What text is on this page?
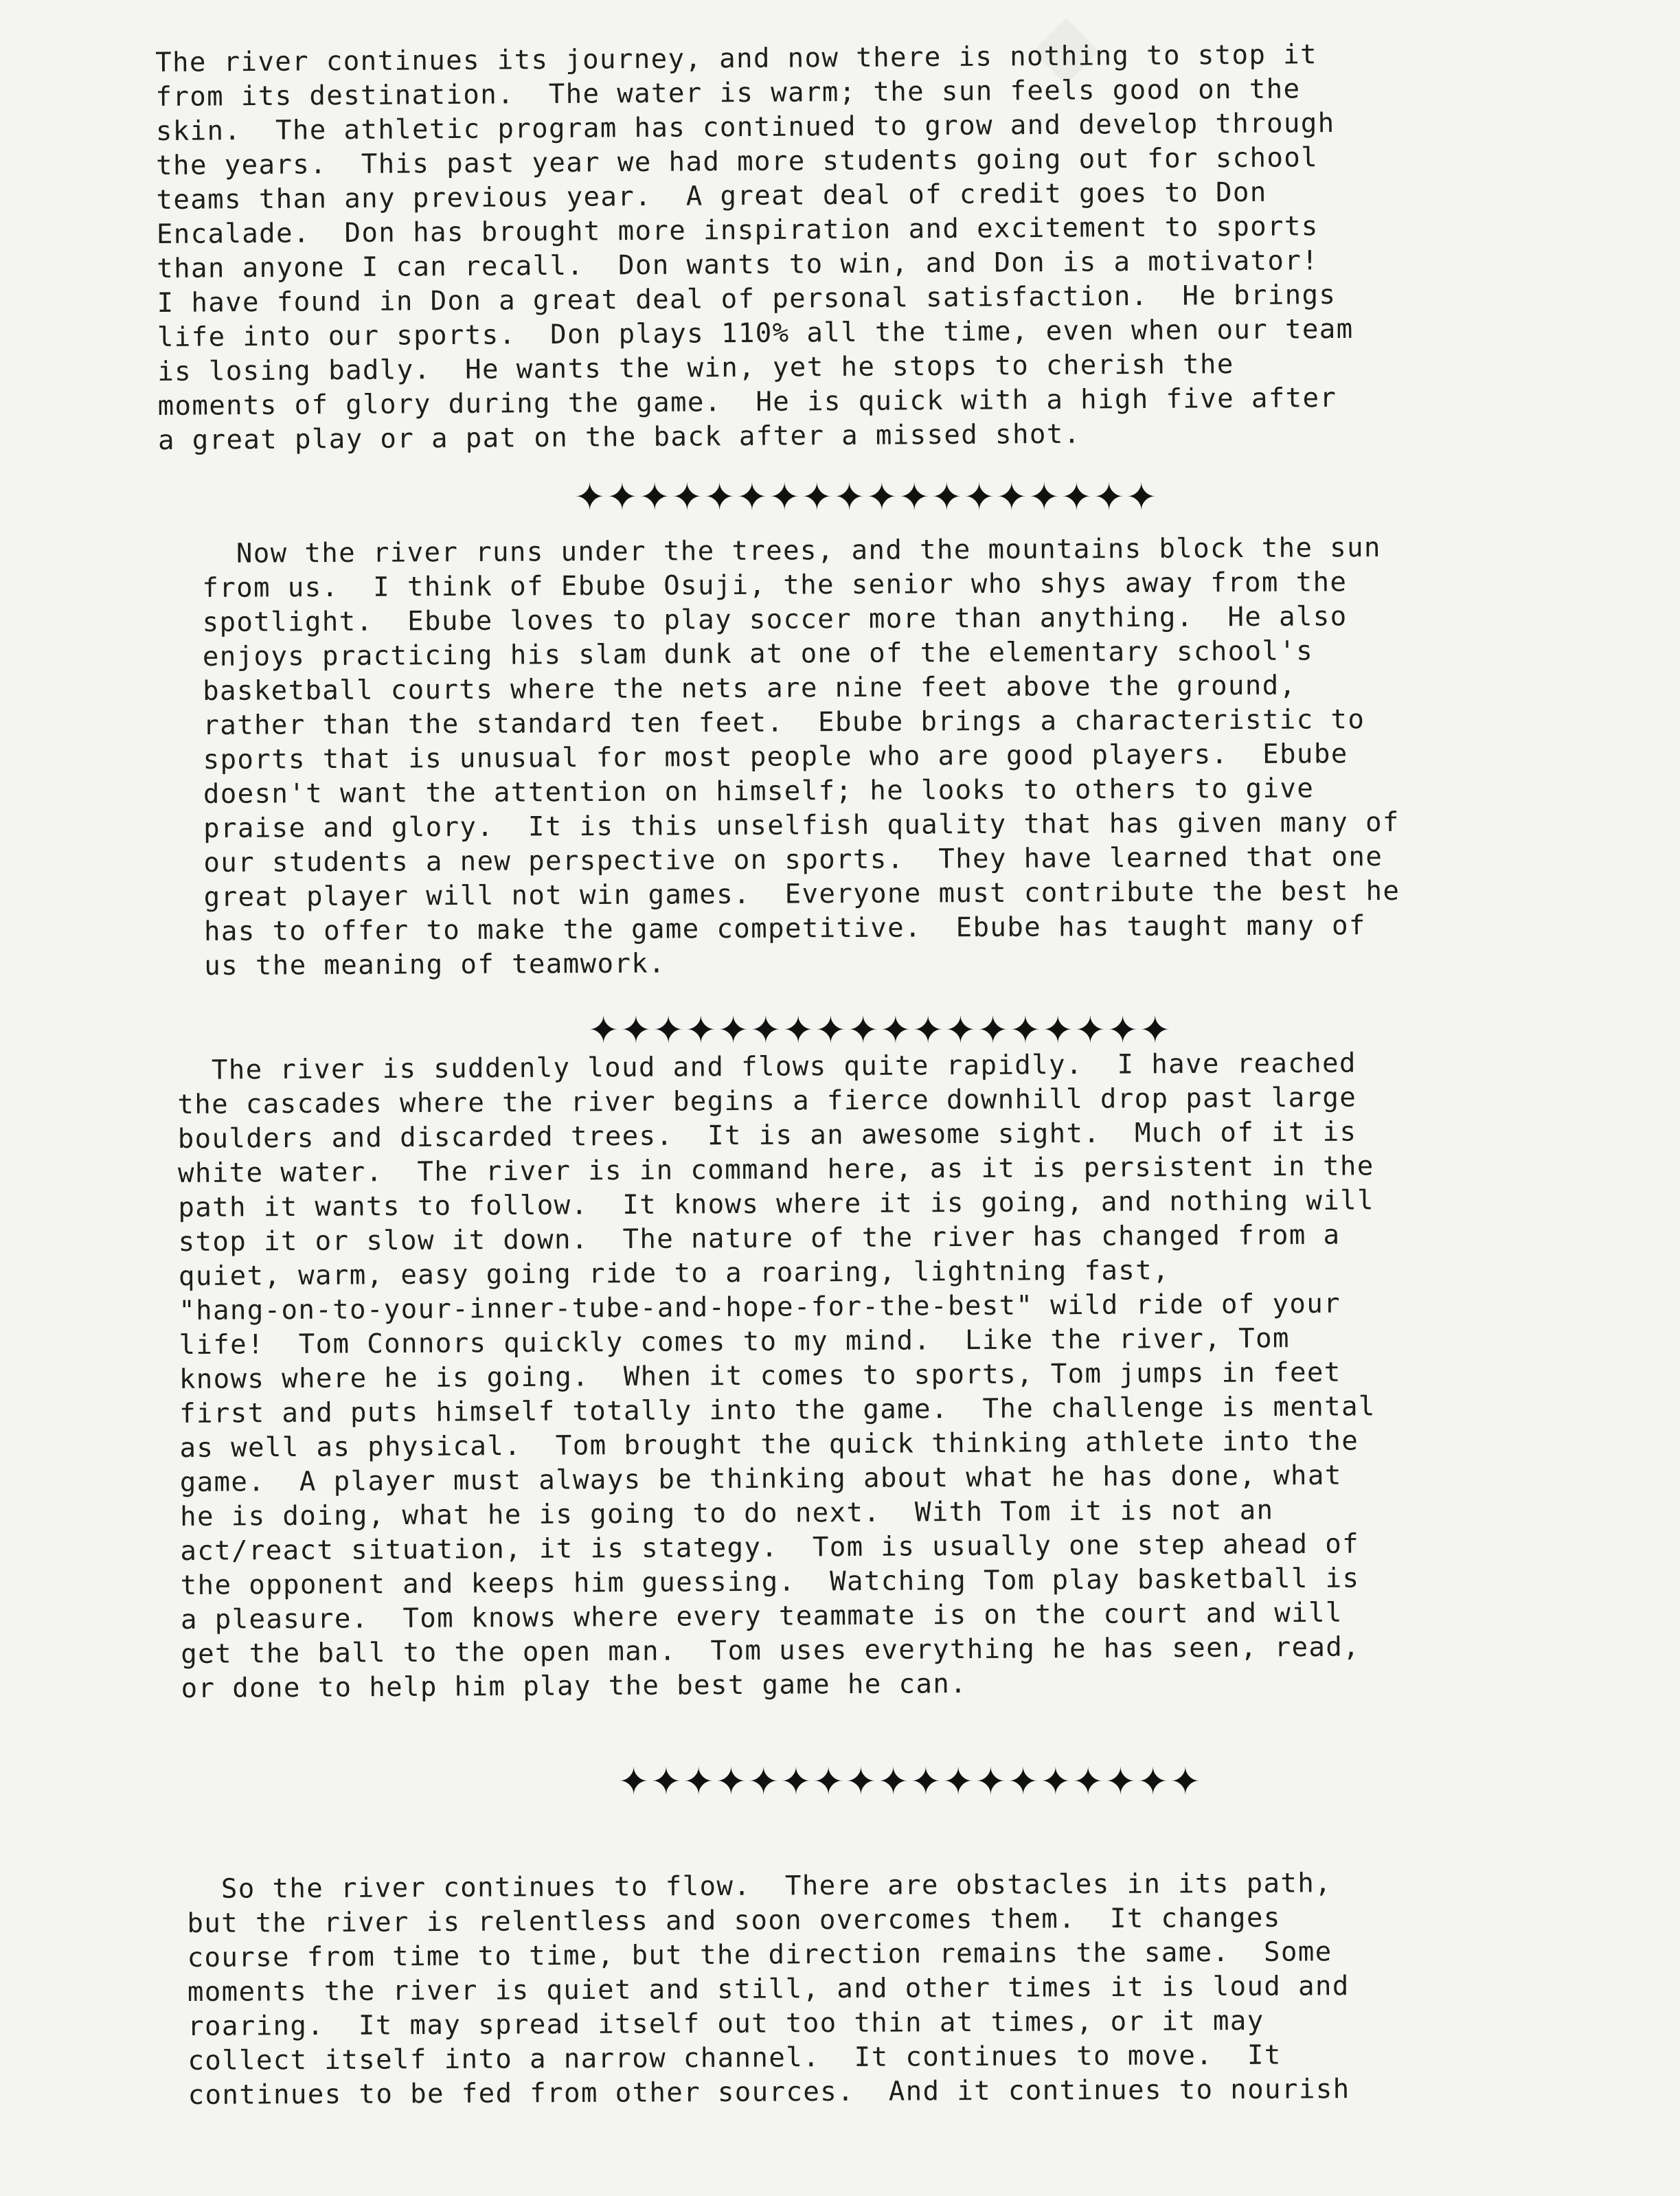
The river continues its journey, and now there is nothing to stop it
from its destination.  The water is warm; the sun feels good on the
skin.  The athletic program has continued to grow and develop through
the years.  This past year we had more students going out for school
teams than any previous year.  A great deal of credit goes to Don
Encalade.  Don has brought more inspiration and excitement to sports
than anyone I can recall.  Don wants to win, and Don is a motivator!
I have found in Don a great deal of personal satisfaction.  He brings
life into our sports.  Don plays 110% all the time, even when our team
is losing badly.  He wants the win, yet he stops to cherish the
moments of glory during the game.  He is quick with a high five after
a great play or a pat on the back after a missed shot.
✦✦✦✦✦✦✦✦✦✦✦✦✦✦✦✦✦✦
Now the river runs under the trees, and the mountains block the sun
from us.  I think of Ebube Osuji, the senior who shys away from the
spotlight.  Ebube loves to play soccer more than anything.  He also
enjoys practicing his slam dunk at one of the elementary school's
basketball courts where the nets are nine feet above the ground,
rather than the standard ten feet.  Ebube brings a characteristic to
sports that is unusual for most people who are good players.  Ebube
doesn't want the attention on himself; he looks to others to give
praise and glory.  It is this unselfish quality that has given many of
our students a new perspective on sports.  They have learned that one
great player will not win games.  Everyone must contribute the best he
has to offer to make the game competitive.  Ebube has taught many of
us the meaning of teamwork.
✦✦✦✦✦✦✦✦✦✦✦✦✦✦✦✦✦✦
The river is suddenly loud and flows quite rapidly.  I have reached
the cascades where the river begins a fierce downhill drop past large
boulders and discarded trees.  It is an awesome sight.  Much of it is
white water.  The river is in command here, as it is persistent in the
path it wants to follow.  It knows where it is going, and nothing will
stop it or slow it down.  The nature of the river has changed from a
quiet, warm, easy going ride to a roaring, lightning fast,
"hang-on-to-your-inner-tube-and-hope-for-the-best" wild ride of your
life!  Tom Connors quickly comes to my mind.  Like the river, Tom
knows where he is going.  When it comes to sports, Tom jumps in feet
first and puts himself totally into the game.  The challenge is mental
as well as physical.  Tom brought the quick thinking athlete into the
game.  A player must always be thinking about what he has done, what
he is doing, what he is going to do next.  With Tom it is not an
act/react situation, it is stategy.  Tom is usually one step ahead of
the opponent and keeps him guessing.  Watching Tom play basketball is
a pleasure.  Tom knows where every teammate is on the court and will
get the ball to the open man.  Tom uses everything he has seen, read,
or done to help him play the best game he can.
✦✦✦✦✦✦✦✦✦✦✦✦✦✦✦✦✦✦
So the river continues to flow.  There are obstacles in its path,
but the river is relentless and soon overcomes them.  It changes
course from time to time, but the direction remains the same.  Some
moments the river is quiet and still, and other times it is loud and
roaring.  It may spread itself out too thin at times, or it may
collect itself into a narrow channel.  It continues to move.  It
continues to be fed from other sources.  And it continues to nourish
